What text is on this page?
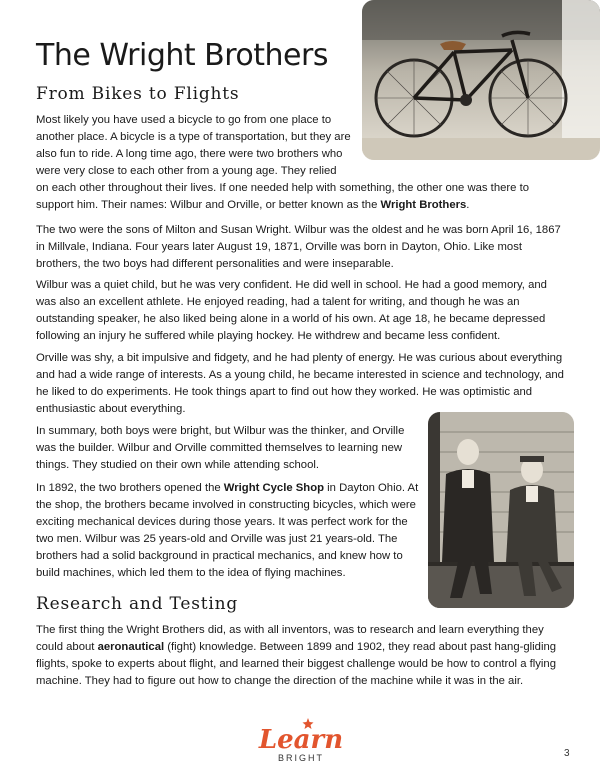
The Wright Brothers
From Bikes to Flights

Most likely you have used a bicycle to go from one place to another place. A bicycle is a type of transportation, but they are also fun to ride. A long time ago, there were two brothers who were very close to each other from a young age. They relied

on each other throughout their lives. If one needed help with something, the other one was there to support him. Their names: Wilbur and Orville, or better known as the Wright Brothers.

The two were the sons of Milton and Susan Wright. Wilbur was the oldest and he was born April 16, 1867 in Millvale, Indiana. Four years later August 19, 1871, Orville was born in Dayton, Ohio. Like most brothers, the two boys had different personalities and were inseparable.

Wilbur was a quiet child, but he was very confident. He did well in school. He had a good memory, and was also an excellent athlete. He enjoyed reading, had a talent for writing, and though he was an outstanding speaker, he also liked being alone in a world of his own. At age 18, he became depressed following an injury he suffered while playing hockey. He withdrew and became less confident.

Orville was shy, a bit impulsive and fidgety, and he had plenty of energy. He was curious about everything and had a wide range of interests. As a young child, he became interested in science and technology, and he liked to do experiments. He took things apart to find out how they worked. He was optimistic and enthusiastic about everything.

In summary, both boys were bright, but Wilbur was the thinker, and Orville was the builder. Wilbur and Orville committed themselves to learning new things. They studied on their own while attending school.

In 1892, the two brothers opened the Wright Cycle Shop in Dayton Ohio. At the shop, the brothers became involved in constructing bicycles, which were exciting mechanical devices during those years. It was perfect work for the two men. Wilbur was 25 years-old and Orville was just 21 years-old. The brothers had a solid background in practical mechanics, and knew how to build machines, which led them to the idea of flying machines.

Research and Testing

The first thing the Wright Brothers did, as with all inventors, was to research and learn everything they could about aeronautical (fight) knowledge. Between 1899 and 1902, they read about past hang-gliding flights, spoke to experts about flight, and learned their biggest challenge would be how to control a flying machine. They had to figure out how to change the direction of the machine while it was in the air.

Learn
BRIGHT	3
